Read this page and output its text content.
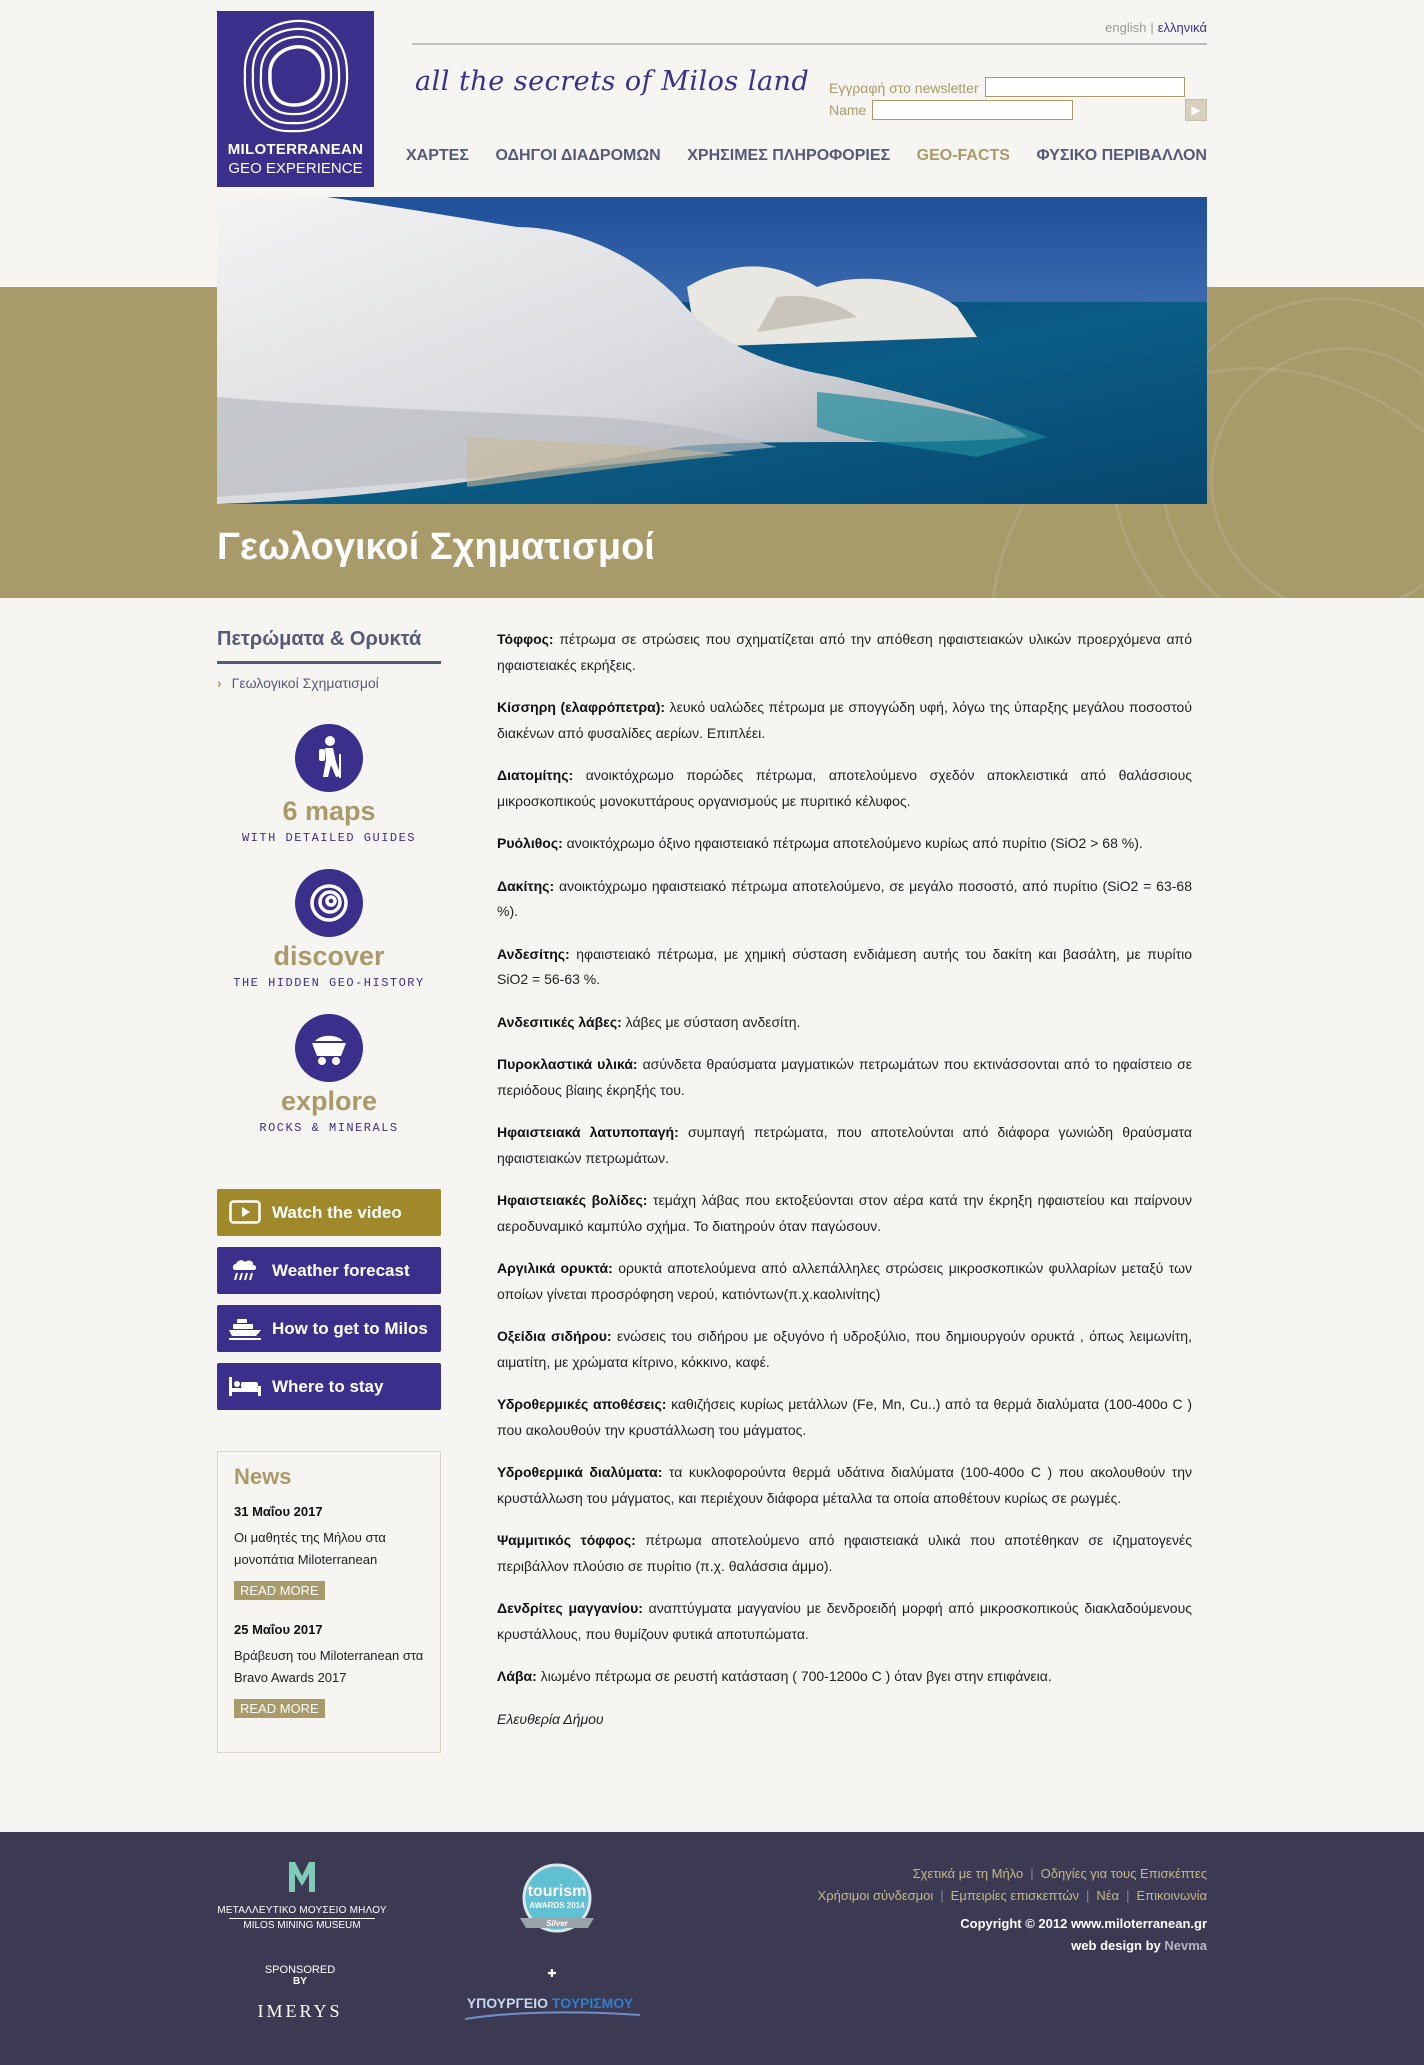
MILOTERRANEAN
GEO EXPERIENCE
english | ελληνικά
all the secrets of Milos land Εγγραφή στο newsletter
Name	▶
ΧΑΡΤΕΣ ΟΔΗΓΟΙ ΔΙΑΔΡΟΜΩΝ ΧΡΗΣΙΜΕΣ ΠΛΗΡΟΦΟΡΙΕΣ GEO-FACTS ΦΥΣΙΚΟ ΠΕΡΙΒΑΛΛΟΝ
Γεωλογικοί Σχηματισμοί
Πετρώματα & Ορυκτά
› Γεωλογικοί Σχηματισμοί
6 maps
WITH DETAILED GUIDES
discover
THE HIDDEN GEO-HISTORY
explore
ROCKS & MINERALS
Watch the video
Weather forecast
How to get to Milos
Where to stay
News
31 Μαΐου 2017
Οι μαθητές της Μήλου στα μονοπάτια Miloterranean
READ MORE
25 Μαΐου 2017
Βράβευση του Miloterranean στα Bravo Awards 2017
READ MORE

Τόφφος: πέτρωμα σε στρώσεις που σχηματίζεται από την απόθεση ηφαιστειακών υλικών προερχόμενα από ηφαιστειακές εκρήξεις.

Κίσσηρη (ελαφρόπετρα): λευκό υαλώδες πέτρωμα με σπογγώδη υφή, λόγω της ύπαρξης μεγάλου ποσοστού διακένων από φυσαλίδες αερίων. Επιπλέει.

Διατομίτης: ανοικτόχρωμο πορώδες πέτρωμα, αποτελούμενο σχεδόν αποκλειστικά από θαλάσσιους μικροσκοπικούς μονοκυττάρους οργανισμούς με πυριτικό κέλυφος.

Ρυόλιθος: ανοικτόχρωμο όξινο ηφαιστειακό πέτρωμα αποτελούμενο κυρίως από πυρίτιο (SiO2 > 68 %).

Δακίτης: ανοικτόχρωμο ηφαιστειακό πέτρωμα αποτελούμενο, σε μεγάλο ποσοστό, από πυρίτιο (SiO2 = 63-68 %).

Ανδεσίτης: ηφαιστειακό πέτρωμα, με χημική σύσταση ενδιάμεση αυτής του δακίτη και βασάλτη, με πυρίτιο SiO2 = 56-63 %.

Ανδεσιτικές λάβες: λάβες με σύσταση ανδεσίτη.

Πυροκλαστικά υλικά: ασύνδετα θραύσματα μαγματικών πετρωμάτων που εκτινάσσονται από το ηφαίστειο σε περιόδους βίαιης έκρηξής του.

Ηφαιστειακά λατυποπαγή: συμπαγή πετρώματα, που αποτελούνται από διάφορα γωνιώδη θραύσματα ηφαιστειακών πετρωμάτων.

Ηφαιστειακές βολίδες: τεμάχη λάβας που εκτοξεύονται στον αέρα κατά την έκρηξη ηφαιστείου και παίρνουν αεροδυναμικό καμπύλο σχήμα. Το διατηρούν όταν παγώσουν.

Αργιλικά ορυκτά: ορυκτά αποτελούμενα από αλλεπάλληλες στρώσεις μικροσκοπικών φυλλαρίων μεταξύ των οποίων γίνεται προσρόφηση νερού, κατιόντων(π.χ.καολινίτης)

Οξείδια σιδήρου: ενώσεις του σιδήρου με οξυγόνο ή υδροξύλιο, που δημιουργούν ορυκτά , όπως λειμωνίτη, αιματίτη, με χρώματα κίτρινο, κόκκινο, καφέ.

Υδροθερμικές αποθέσεις: καθιζήσεις κυρίως μετάλλων (Fe, Mn, Cu..) από τα θερμά διαλύματα (100-400o C ) που ακολουθούν την κρυστάλλωση του μάγματος.

Υδροθερμικά διαλύματα: τα κυκλοφορούντα θερμά υδάτινα διαλύματα (100-400o C ) που ακολουθούν την κρυστάλλωση του μάγματος, και περιέχουν διάφορα μέταλλα τα οποία αποθέτουν κυρίως σε ρωγμές.

Ψαμμιτικός τόφφος: πέτρωμα αποτελούμενο από ηφαιστειακά υλικά που αποτέθηκαν σε ιζηματογενές περιβάλλον πλούσιο σε πυρίτιο (π.χ. θαλάσσια άμμο).

Δενδρίτες μαγγανίου: αναπτύγματα μαγγανίου με δενδροειδή μορφή από μικροσκοπικούς διακλαδούμενους κρυστάλλους, που θυμίζουν φυτικά αποτυπώματα.

Λάβα: λιωμένο πέτρωμα σε ρευστή κατάσταση ( 700-1200o C ) όταν βγει στην επιφάνεια.

Ελευθερία Δήμου

ΜΕΤΑΛΛΕΥΤΙΚΟ ΜΟΥΣΕΙΟ ΜΗΛΟΥ
MILOS MINING MUSEUM
tourism
AWARDS 2014
Silver
SPONSORED
BY
IMERYS
✚
ΥΠΟΥΡΓΕΙΟ ΤΟΥΡΙΣΜΟΥ
Σχετικά με τη Μήλο | Οδηγίες για τους Επισκέπτες
Χρήσιμοι σύνδεσμοι | Εμπειρίες επισκεπτών | Νέα | Επικοινωνία
Copyright © 2012 www.miloterranean.gr
web design by Nevma
